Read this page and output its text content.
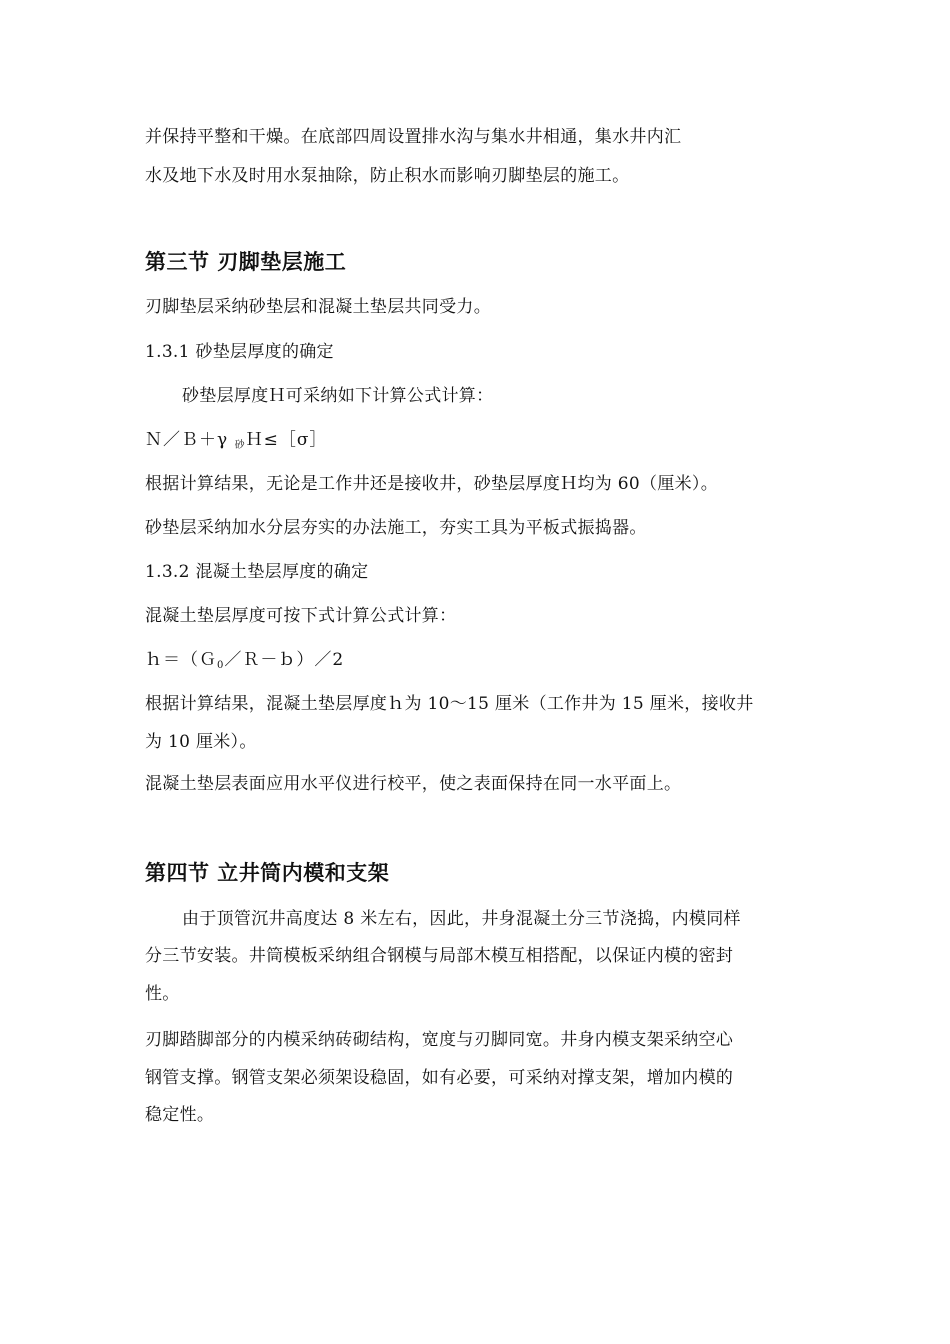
并保持平整和干燥。在底部四周设置排水沟与集水井相通，集水井内汇
水及地下水及时用水泵抽除，防止积水而影响刃脚垫层的施工。
第三节 刃脚垫层施工
刃脚垫层采纳砂垫层和混凝土垫层共同受力。
1.3.1 砂垫层厚度的确定
砂垫层厚度Ｈ可采纳如下计算公式计算：
Ｎ／Ｂ＋γ $_砂$Ｈ≤［σ］
根据计算结果，无论是工作井还是接收井，砂垫层厚度Ｈ均为 60（厘米）。
砂垫层采纳加水分层夯实的办法施工，夯实工具为平板式振捣器。
1.3.2 混凝土垫层厚度的确定
混凝土垫层厚度可按下式计算公式计算：
ｈ＝（Ｇ$_0$／Ｒ－ｂ）／2
根据计算结果，混凝土垫层厚度ｈ为 10～15 厘米（工作井为 15 厘米，接收井
为 10 厘米）。
混凝土垫层表面应用水平仪进行校平，使之表面保持在同一水平面上。
第四节 立井筒内模和支架
由于顶管沉井高度达 8 米左右，因此，井身混凝土分三节浇捣，内模同样
分三节安装。井筒模板采纳组合钢模与局部木模互相搭配，以保证内模的密封
性。
刃脚踏脚部分的内模采纳砖砌结构，宽度与刃脚同宽。井身内模支架采纳空心
钢管支撑。钢管支架必须架设稳固，如有必要，可采纳对撑支架，增加内模的
稳定性。
